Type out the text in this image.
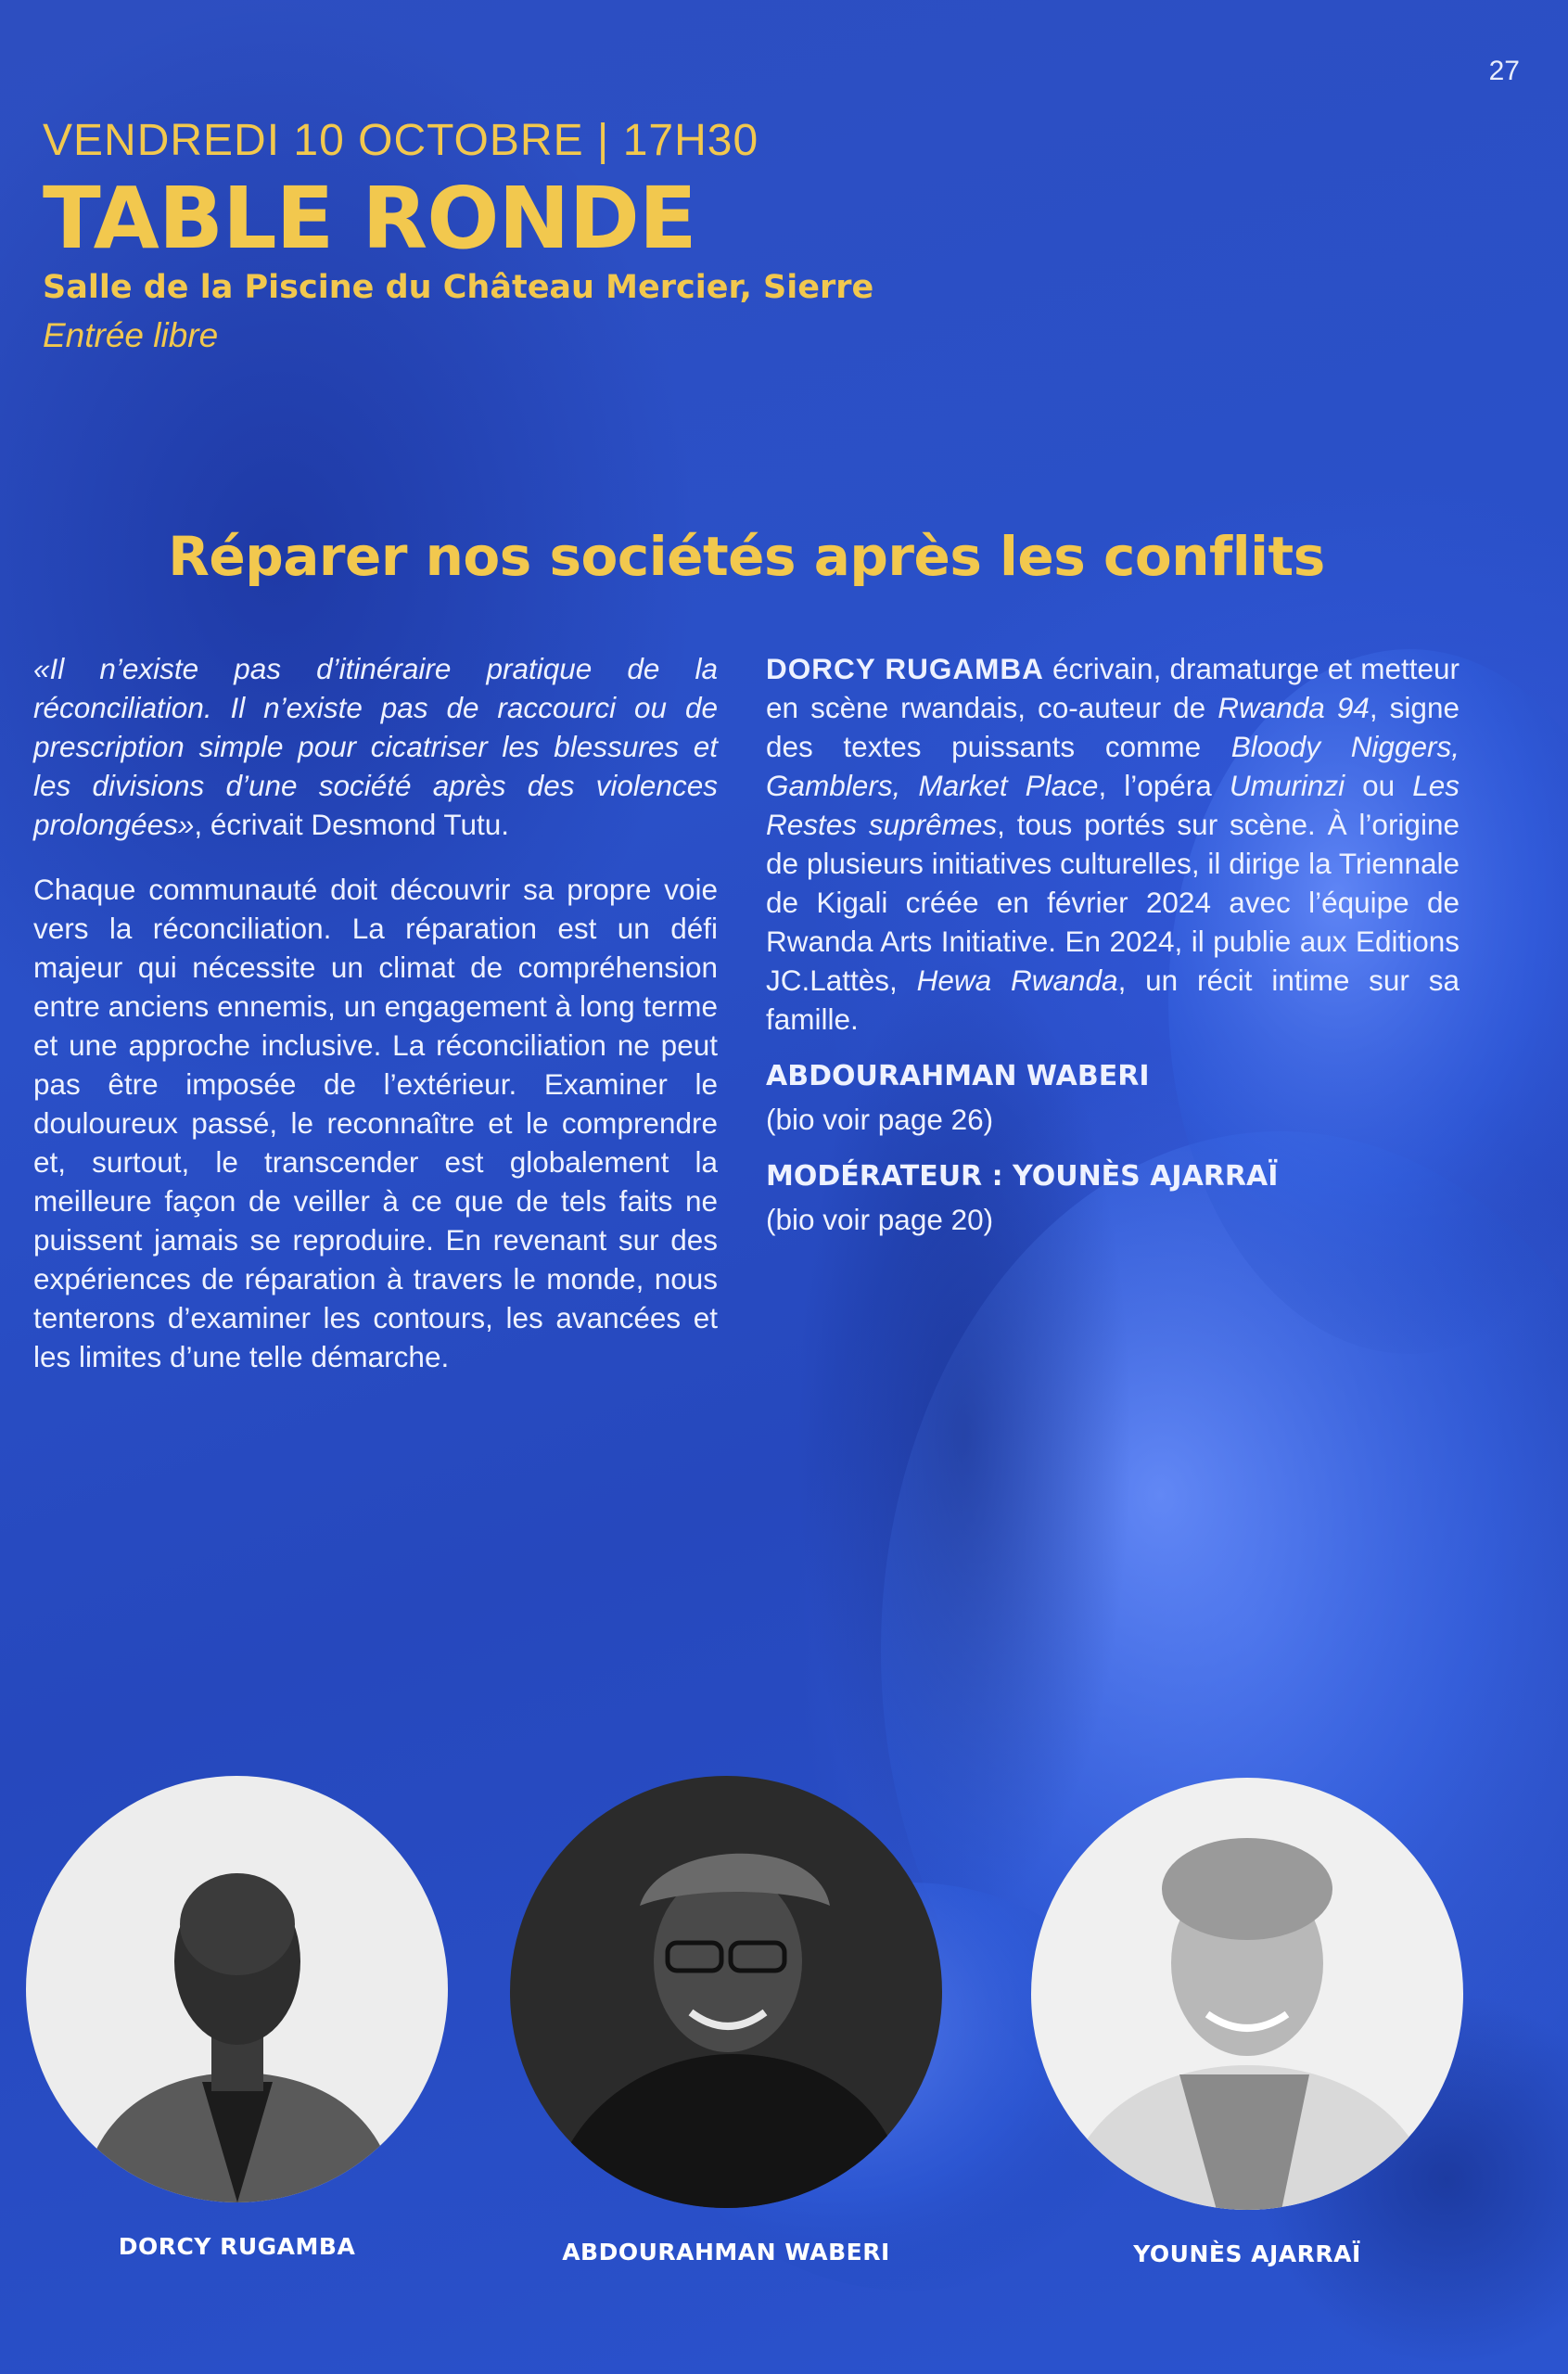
27
VENDREDI 10 OCTOBRE | 17H30
TABLE RONDE
Salle de la Piscine du Château Mercier, Sierre
Entrée libre
Réparer nos sociétés après les conflits

«Il n’existe pas d’itinéraire pratique de la réconciliation. Il n’existe pas de raccourci ou de prescription simple pour cicatriser les blessures et les divisions d’une société après des violences prolongées», écrivait Desmond Tutu.

Chaque communauté doit découvrir sa propre voie vers la réconciliation. La réparation est un défi majeur qui nécessite un climat de compréhension entre anciens ennemis, un engagement à long terme et une approche inclusive. La réconciliation ne peut pas être imposée de l’extérieur. Examiner le douloureux passé, le reconnaître et le comprendre et, surtout, le transcender est globalement la meilleure façon de veiller à ce que de tels faits ne puissent jamais se reproduire. En revenant sur des expériences de réparation à travers le monde, nous tenterons d’examiner les contours, les avancées et les limites d’une telle démarche.

DORCY RUGAMBA écrivain, dramaturge et metteur en scène rwandais, co-auteur de Rwanda 94, signe des textes puissants comme Bloody Niggers, Gamblers, Market Place, l’opéra Umurinzi ou Les Restes suprêmes, tous portés sur scène. À l’origine de plusieurs initiatives culturelles, il dirige la Triennale de Kigali créée en février 2024 avec l’équipe de Rwanda Arts Initiative. En 2024, il publie aux Editions JC.Lattès, Hewa Rwanda, un récit intime sur sa famille.

ABDOURAHMAN WABERI
(bio voir page 26)
MODÉRATEUR : YOUNÈS AJARRAÏ
(bio voir page 20)
DORCY RUGAMBA	ABDOURAHMAN WABERI	YOUNÈS AJARRAÏ
